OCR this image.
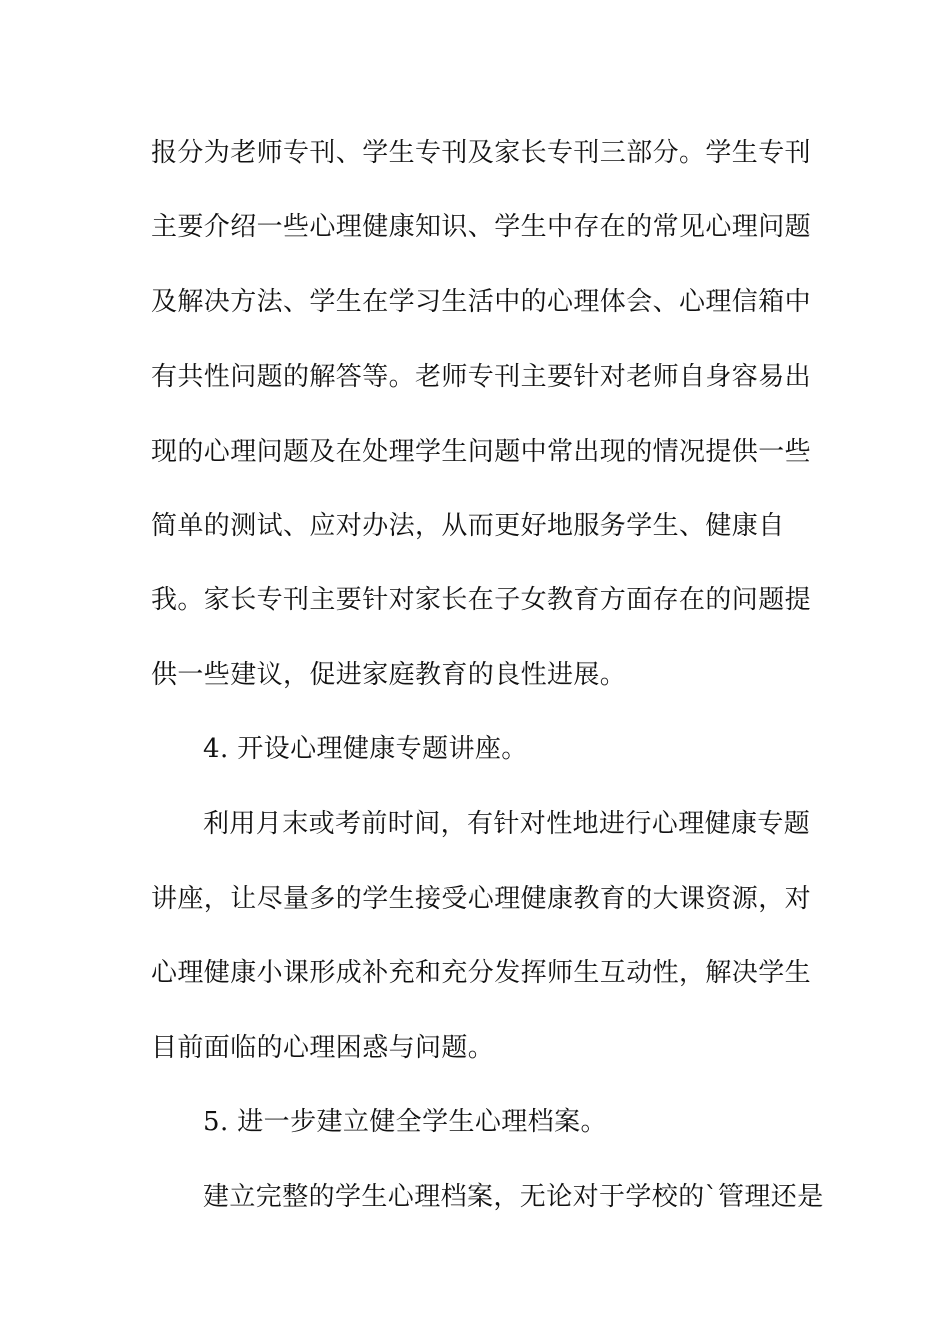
报分为老师专刊、学生专刊及家长专刊三部分。学生专刊
主要介绍一些心理健康知识、学生中存在的常见心理问题
及解决方法、学生在学习生活中的心理体会、心理信箱中
有共性问题的解答等。老师专刊主要针对老师自身容易出
现的心理问题及在处理学生问题中常出现的情况提供一些
简单的测试、应对办法，从而更好地服务学生、健康自
我。家长专刊主要针对家长在子女教育方面存在的问题提
供一些建议，促进家庭教育的良性进展。
4. 开设心理健康专题讲座。
利用月末或考前时间，有针对性地进行心理健康专题
讲座，让尽量多的学生接受心理健康教育的大课资源，对
心理健康小课形成补充和充分发挥师生互动性，解决学生
目前面临的心理困惑与问题。
5. 进一步建立健全学生心理档案。
建立完整的学生心理档案，无论对于学校的`管理还是
